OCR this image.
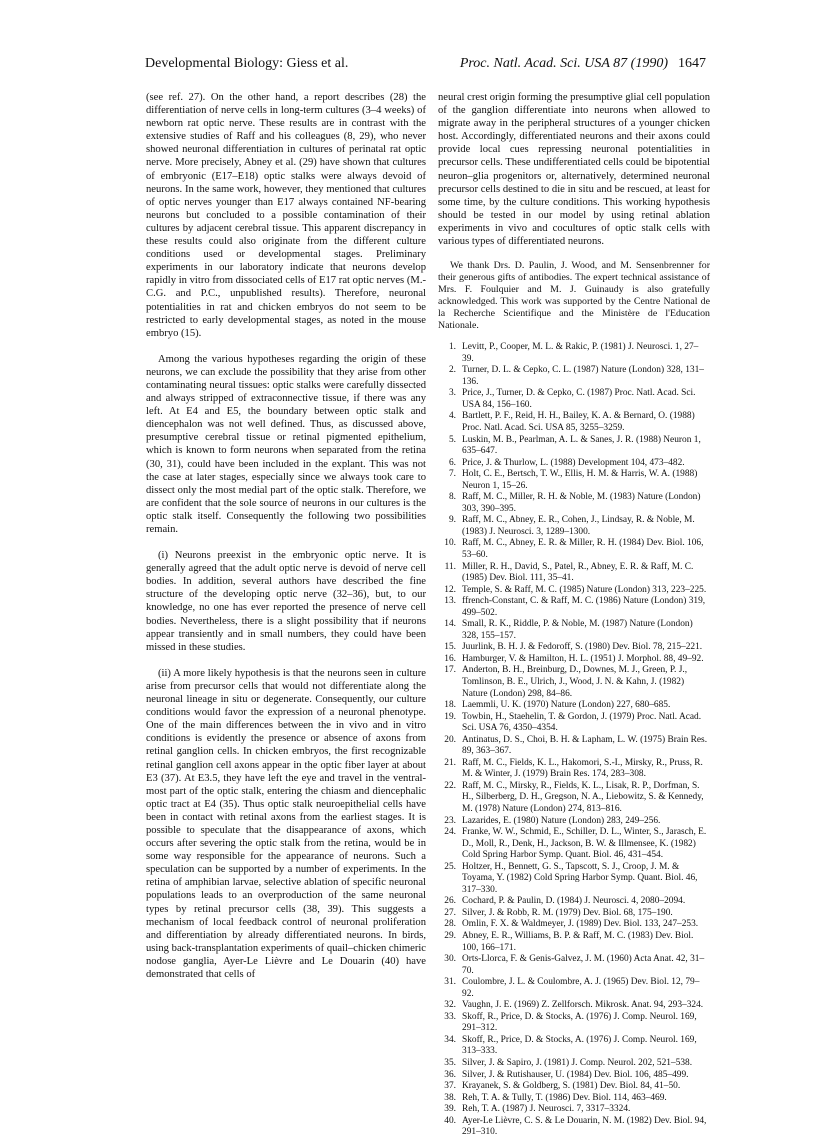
Developmental Biology: Giess et al.	Proc. Natl. Acad. Sci. USA 87 (1990) 1647

(see ref. 27). On the other hand, a report describes (28) the differentiation of nerve cells in long-term cultures (3–4 weeks) of newborn rat optic nerve. These results are in contrast with the extensive studies of Raff and his colleagues (8, 29), who never showed neuronal differentiation in cultures of perinatal rat optic nerve. More precisely, Abney et al. (29) have shown that cultures of embryonic (E17–E18) optic stalks were always devoid of neurons. In the same work, however, they mentioned that cultures of optic nerves younger than E17 always contained NF-bearing neurons but concluded to a possible contamination of their cultures by adjacent cerebral tissue. This apparent discrepancy in these results could also originate from the different culture conditions used or developmental stages. Preliminary experiments in our laboratory indicate that neurons develop rapidly in vitro from dissociated cells of E17 rat optic nerves (M.-C.G. and P.C., unpublished results). Therefore, neuronal potentialities in rat and chicken embryos do not seem to be restricted to early developmental stages, as noted in the mouse embryo (15).

Among the various hypotheses regarding the origin of these neurons, we can exclude the possibility that they arise from other contaminating neural tissues: optic stalks were carefully dissected and always stripped of extraconnective tissue, if there was any left. At E4 and E5, the boundary between optic stalk and diencephalon was not well defined. Thus, as discussed above, presumptive cerebral tissue or retinal pigmented epithelium, which is known to form neurons when separated from the retina (30, 31), could have been included in the explant. This was not the case at later stages, especially since we always took care to dissect only the most medial part of the optic stalk. Therefore, we are confident that the sole source of neurons in our cultures is the optic stalk itself. Consequently the following two possibilities remain.

(i) Neurons preexist in the embryonic optic nerve. It is generally agreed that the adult optic nerve is devoid of nerve cell bodies. In addition, several authors have described the fine structure of the developing optic nerve (32–36), but, to our knowledge, no one has ever reported the presence of nerve cell bodies. Nevertheless, there is a slight possibility that if neurons appear transiently and in small numbers, they could have been missed in these studies.

(ii) A more likely hypothesis is that the neurons seen in culture arise from precursor cells that would not differentiate along the neuronal lineage in situ or degenerate. Consequently, our culture conditions would favor the expression of a neuronal phenotype. One of the main differences between the in vivo and in vitro conditions is evidently the presence or absence of axons from retinal ganglion cells. In chicken embryos, the first recognizable retinal ganglion cell axons appear in the optic fiber layer at about E3 (37). At E3.5, they have left the eye and travel in the ventral-most part of the optic stalk, entering the chiasm and diencephalic optic tract at E4 (35). Thus optic stalk neuroepithelial cells have been in contact with retinal axons from the earliest stages. It is possible to speculate that the disappearance of axons, which occurs after severing the optic stalk from the retina, would be in some way responsible for the appearance of neurons. Such a speculation can be supported by a number of experiments. In the retina of amphibian larvae, selective ablation of specific neuronal populations leads to an overproduction of the same neuronal types by retinal precursor cells (38, 39). This suggests a mechanism of local feedback control of neuronal proliferation and differentiation by already differentiated neurons. In birds, using back-transplantation experiments of quail–chicken chimeric nodose ganglia, Ayer-Le Lièvre and Le Douarin (40) have demonstrated that cells of

neural crest origin forming the presumptive glial cell population of the ganglion differentiate into neurons when allowed to migrate away in the peripheral structures of a younger chicken host. Accordingly, differentiated neurons and their axons could provide local cues repressing neuronal potentialities in precursor cells. These undifferentiated cells could be bipotential neuron–glia progenitors or, alternatively, determined neuronal precursor cells destined to die in situ and be rescued, at least for some time, by the culture conditions. This working hypothesis should be tested in our model by using retinal ablation experiments in vivo and cocultures of optic stalk cells with various types of differentiated neurons.

We thank Drs. D. Paulin, J. Wood, and M. Sensenbrenner for their generous gifts of antibodies. The expert technical assistance of Mrs. F. Foulquier and M. J. Guinaudy is also gratefully acknowledged. This work was supported by the Centre National de la Recherche Scientifique and the Ministère de l'Education Nationale.

1. Levitt, P., Cooper, M. L. & Rakic, P. (1981) J. Neurosci. 1, 27–39.
2. Turner, D. L. & Cepko, C. L. (1987) Nature (London) 328, 131–136.
3. Price, J., Turner, D. & Cepko, C. (1987) Proc. Natl. Acad. Sci. USA 84, 156–160.
4. Bartlett, P. F., Reid, H. H., Bailey, K. A. & Bernard, O. (1988) Proc. Natl. Acad. Sci. USA 85, 3255–3259.
5. Luskin, M. B., Pearlman, A. L. & Sanes, J. R. (1988) Neuron 1, 635–647.
6. Price, J. & Thurlow, L. (1988) Development 104, 473–482.
7. Holt, C. E., Bertsch, T. W., Ellis, H. M. & Harris, W. A. (1988) Neuron 1, 15–26.
8. Raff, M. C., Miller, R. H. & Noble, M. (1983) Nature (London) 303, 390–395.
9. Raff, M. C., Abney, E. R., Cohen, J., Lindsay, R. & Noble, M. (1983) J. Neurosci. 3, 1289–1300.
10. Raff, M. C., Abney, E. R. & Miller, R. H. (1984) Dev. Biol. 106, 53–60.
11. Miller, R. H., David, S., Patel, R., Abney, E. R. & Raff, M. C. (1985) Dev. Biol. 111, 35–41.
12. Temple, S. & Raff, M. C. (1985) Nature (London) 313, 223–225.
13. ffrench-Constant, C. & Raff, M. C. (1986) Nature (London) 319, 499–502.
14. Small, R. K., Riddle, P. & Noble, M. (1987) Nature (London) 328, 155–157.
15. Juurlink, B. H. J. & Fedoroff, S. (1980) Dev. Biol. 78, 215–221.
16. Hamburger, V. & Hamilton, H. L. (1951) J. Morphol. 88, 49–92.
17. Anderton, B. H., Breinburg, D., Downes, M. J., Green, P. J., Tomlinson, B. E., Ulrich, J., Wood, J. N. & Kahn, J. (1982) Nature (London) 298, 84–86.
18. Laemmli, U. K. (1970) Nature (London) 227, 680–685.
19. Towbin, H., Staehelin, T. & Gordon, J. (1979) Proc. Natl. Acad. Sci. USA 76, 4350–4354.
20. Antinatus, D. S., Choi, B. H. & Lapham, L. W. (1975) Brain Res. 89, 363–367.
21. Raff, M. C., Fields, K. L., Hakomori, S.-I., Mirsky, R., Pruss, R. M. & Winter, J. (1979) Brain Res. 174, 283–308.
22. Raff, M. C., Mirsky, R., Fields, K. L., Lisak, R. P., Dorfman, S. H., Silberberg, D. H., Gregson, N. A., Liebowitz, S. & Kennedy, M. (1978) Nature (London) 274, 813–816.
23. Lazarides, E. (1980) Nature (London) 283, 249–256.
24. Franke, W. W., Schmid, E., Schiller, D. L., Winter, S., Jarasch, E. D., Moll, R., Denk, H., Jackson, B. W. & Illmensee, K. (1982) Cold Spring Harbor Symp. Quant. Biol. 46, 431–454.
25. Holtzer, H., Bennett, G. S., Tapscott, S. J., Croop, J. M. & Toyama, Y. (1982) Cold Spring Harbor Symp. Quant. Biol. 46, 317–330.
26. Cochard, P. & Paulin, D. (1984) J. Neurosci. 4, 2080–2094.
27. Silver, J. & Robb, R. M. (1979) Dev. Biol. 68, 175–190.
28. Omlin, F. X. & Waldmeyer, J. (1989) Dev. Biol. 133, 247–253.
29. Abney, E. R., Williams, B. P. & Raff, M. C. (1983) Dev. Biol. 100, 166–171.
30. Orts-Llorca, F. & Genis-Galvez, J. M. (1960) Acta Anat. 42, 31–70.
31. Coulombre, J. L. & Coulombre, A. J. (1965) Dev. Biol. 12, 79–92.
32. Vaughn, J. E. (1969) Z. Zellforsch. Mikrosk. Anat. 94, 293–324.
33. Skoff, R., Price, D. & Stocks, A. (1976) J. Comp. Neurol. 169, 291–312.
34. Skoff, R., Price, D. & Stocks, A. (1976) J. Comp. Neurol. 169, 313–333.
35. Silver, J. & Sapiro, J. (1981) J. Comp. Neurol. 202, 521–538.
36. Silver, J. & Rutishauser, U. (1984) Dev. Biol. 106, 485–499.
37. Krayanek, S. & Goldberg, S. (1981) Dev. Biol. 84, 41–50.
38. Reh, T. A. & Tully, T. (1986) Dev. Biol. 114, 463–469.
39. Reh, T. A. (1987) J. Neurosci. 7, 3317–3324.
40. Ayer-Le Lièvre, C. S. & Le Douarin, N. M. (1982) Dev. Biol. 94, 291–310.
